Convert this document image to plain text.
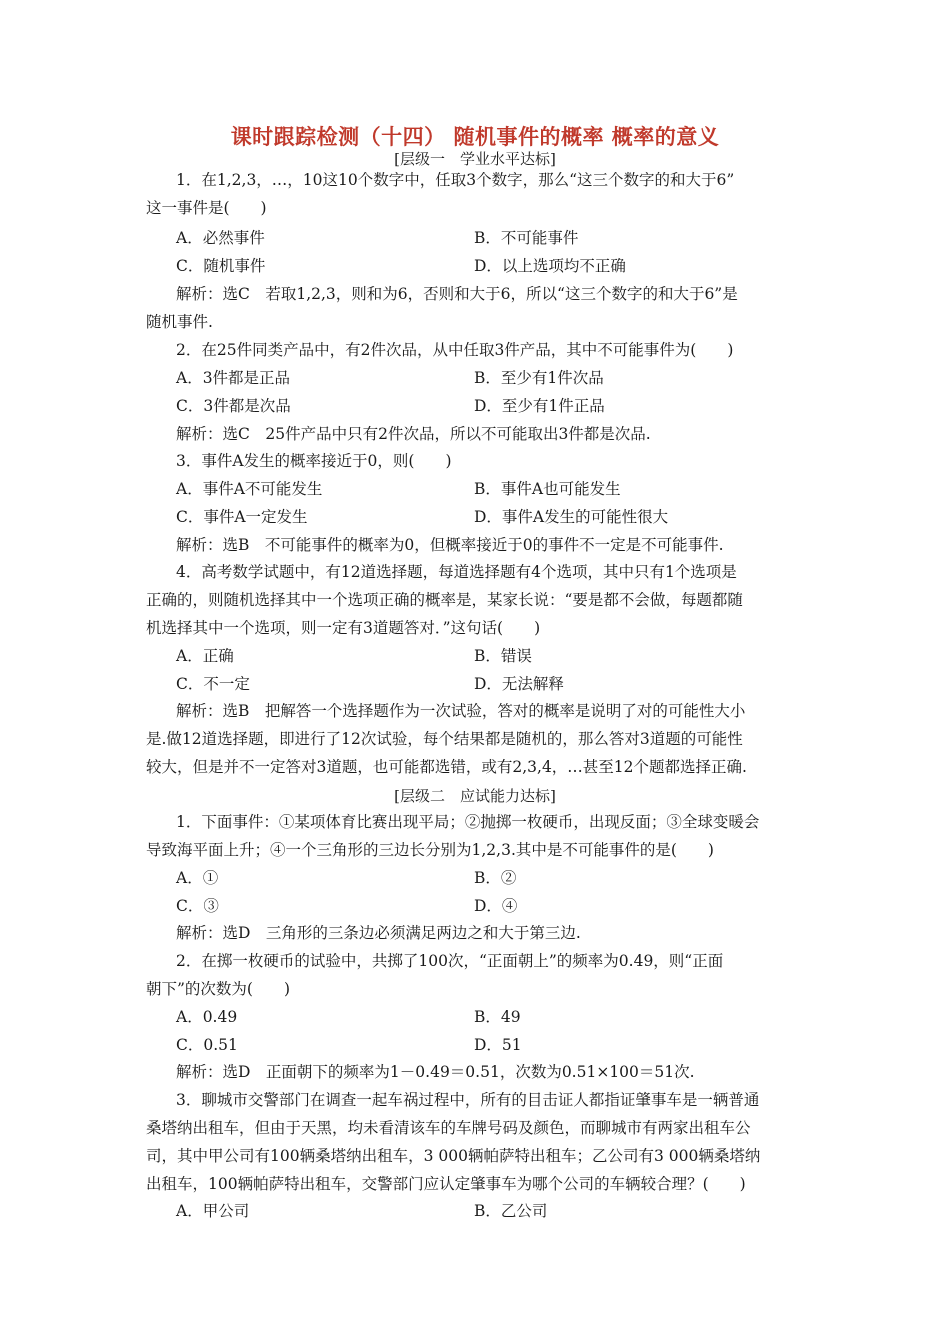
课时跟踪检测（十四） 随机事件的概率 概率的意义
[层级一　学业水平达标]
1．在1,2,3，…，10这10个数字中，任取3个数字，那么“这三个数字的和大于6”
这一事件是(　　)
A．必然事件	B．不可能事件
C．随机事件	D．以上选项均不正确
解析：选C　若取1,2,3，则和为6，否则和大于6，所以“这三个数字的和大于6”是
随机事件.
2．在25件同类产品中，有2件次品，从中任取3件产品，其中不可能事件为(　　)
A．3件都是正品	B．至少有1件次品
C．3件都是次品	D．至少有1件正品
解析：选C　25件产品中只有2件次品，所以不可能取出3件都是次品.
3．事件A发生的概率接近于0，则(　　)
A．事件A不可能发生	B．事件A也可能发生
C．事件A一定发生	D．事件A发生的可能性很大
解析：选B　不可能事件的概率为0，但概率接近于0的事件不一定是不可能事件.
4．高考数学试题中，有12道选择题，每道选择题有4个选项，其中只有1个选项是
正确的，则随机选择其中一个选项正确的概率是，某家长说：“要是都不会做，每题都随
机选择其中一个选项，则一定有3道题答对．”这句话(　　)
A．正确	B．错误
C．不一定	D．无法解释
解析：选B　把解答一个选择题作为一次试验，答对的概率是说明了对的可能性大小
是.做12道选择题，即进行了12次试验，每个结果都是随机的，那么答对3道题的可能性
较大，但是并不一定答对3道题，也可能都选错，或有2,3,4，…甚至12个题都选择正确.
[层级二　应试能力达标]
1．下面事件：①某项体育比赛出现平局；②抛掷一枚硬币，出现反面；③全球变暖会
导致海平面上升；④一个三角形的三边长分别为1,2,3.其中是不可能事件的是(　　)
A．①	B．②
C．③	D．④
解析：选D　三角形的三条边必须满足两边之和大于第三边.
2．在掷一枚硬币的试验中，共掷了100次，“正面朝上”的频率为0.49，则“正面
朝下”的次数为(　　)
A．0.49	B．49
C．0.51	D．51
解析：选D　正面朝下的频率为1－0.49＝0.51，次数为0.51×100＝51次.
3．聊城市交警部门在调查一起车祸过程中，所有的目击证人都指证肇事车是一辆普通
桑塔纳出租车，但由于天黑，均未看清该车的车牌号码及颜色，而聊城市有两家出租车公
司，其中甲公司有100辆桑塔纳出租车，3 000辆帕萨特出租车；乙公司有3 000辆桑塔纳
出租车，100辆帕萨特出租车，交警部门应认定肇事车为哪个公司的车辆较合理？(　　)
A．甲公司	B．乙公司
